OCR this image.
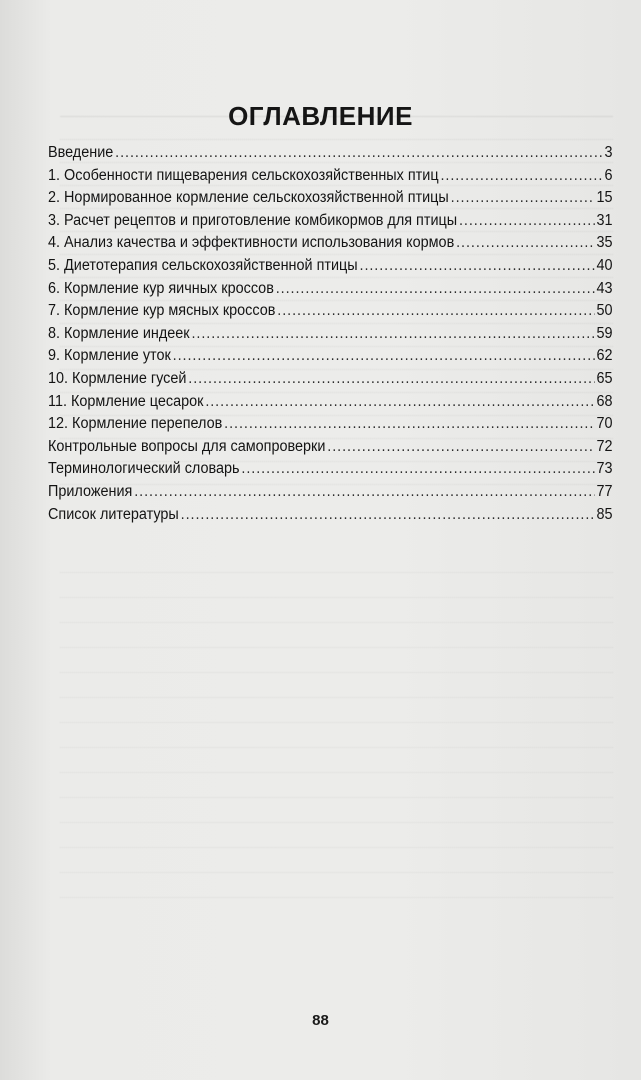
ОГЛАВЛЕНИЕ
Введение .....	3
1. Особенности пищеварения сельскохозяйственных птиц .....	6
2. Нормированное кормление сельскохозяйственной птицы .....	15
3. Расчет рецептов и приготовление комбикормов для птицы .....	31
4. Анализ качества и эффективности использования кормов .....	35
5. Диетотерапия сельскохозяйственной птицы .....	40
6. Кормление кур яичных кроссов .....	43
7. Кормление кур мясных кроссов .....	50
8. Кормление индеек .....	59
9. Кормление уток .....	62
10. Кормление гусей .....	65
11. Кормление цесарок .....	68
12. Кормление перепелов .....	70
Контрольные вопросы для самопроверки .....	72
Терминологический словарь .....	73
Приложения .....	77
Список литературы .....	85
88
